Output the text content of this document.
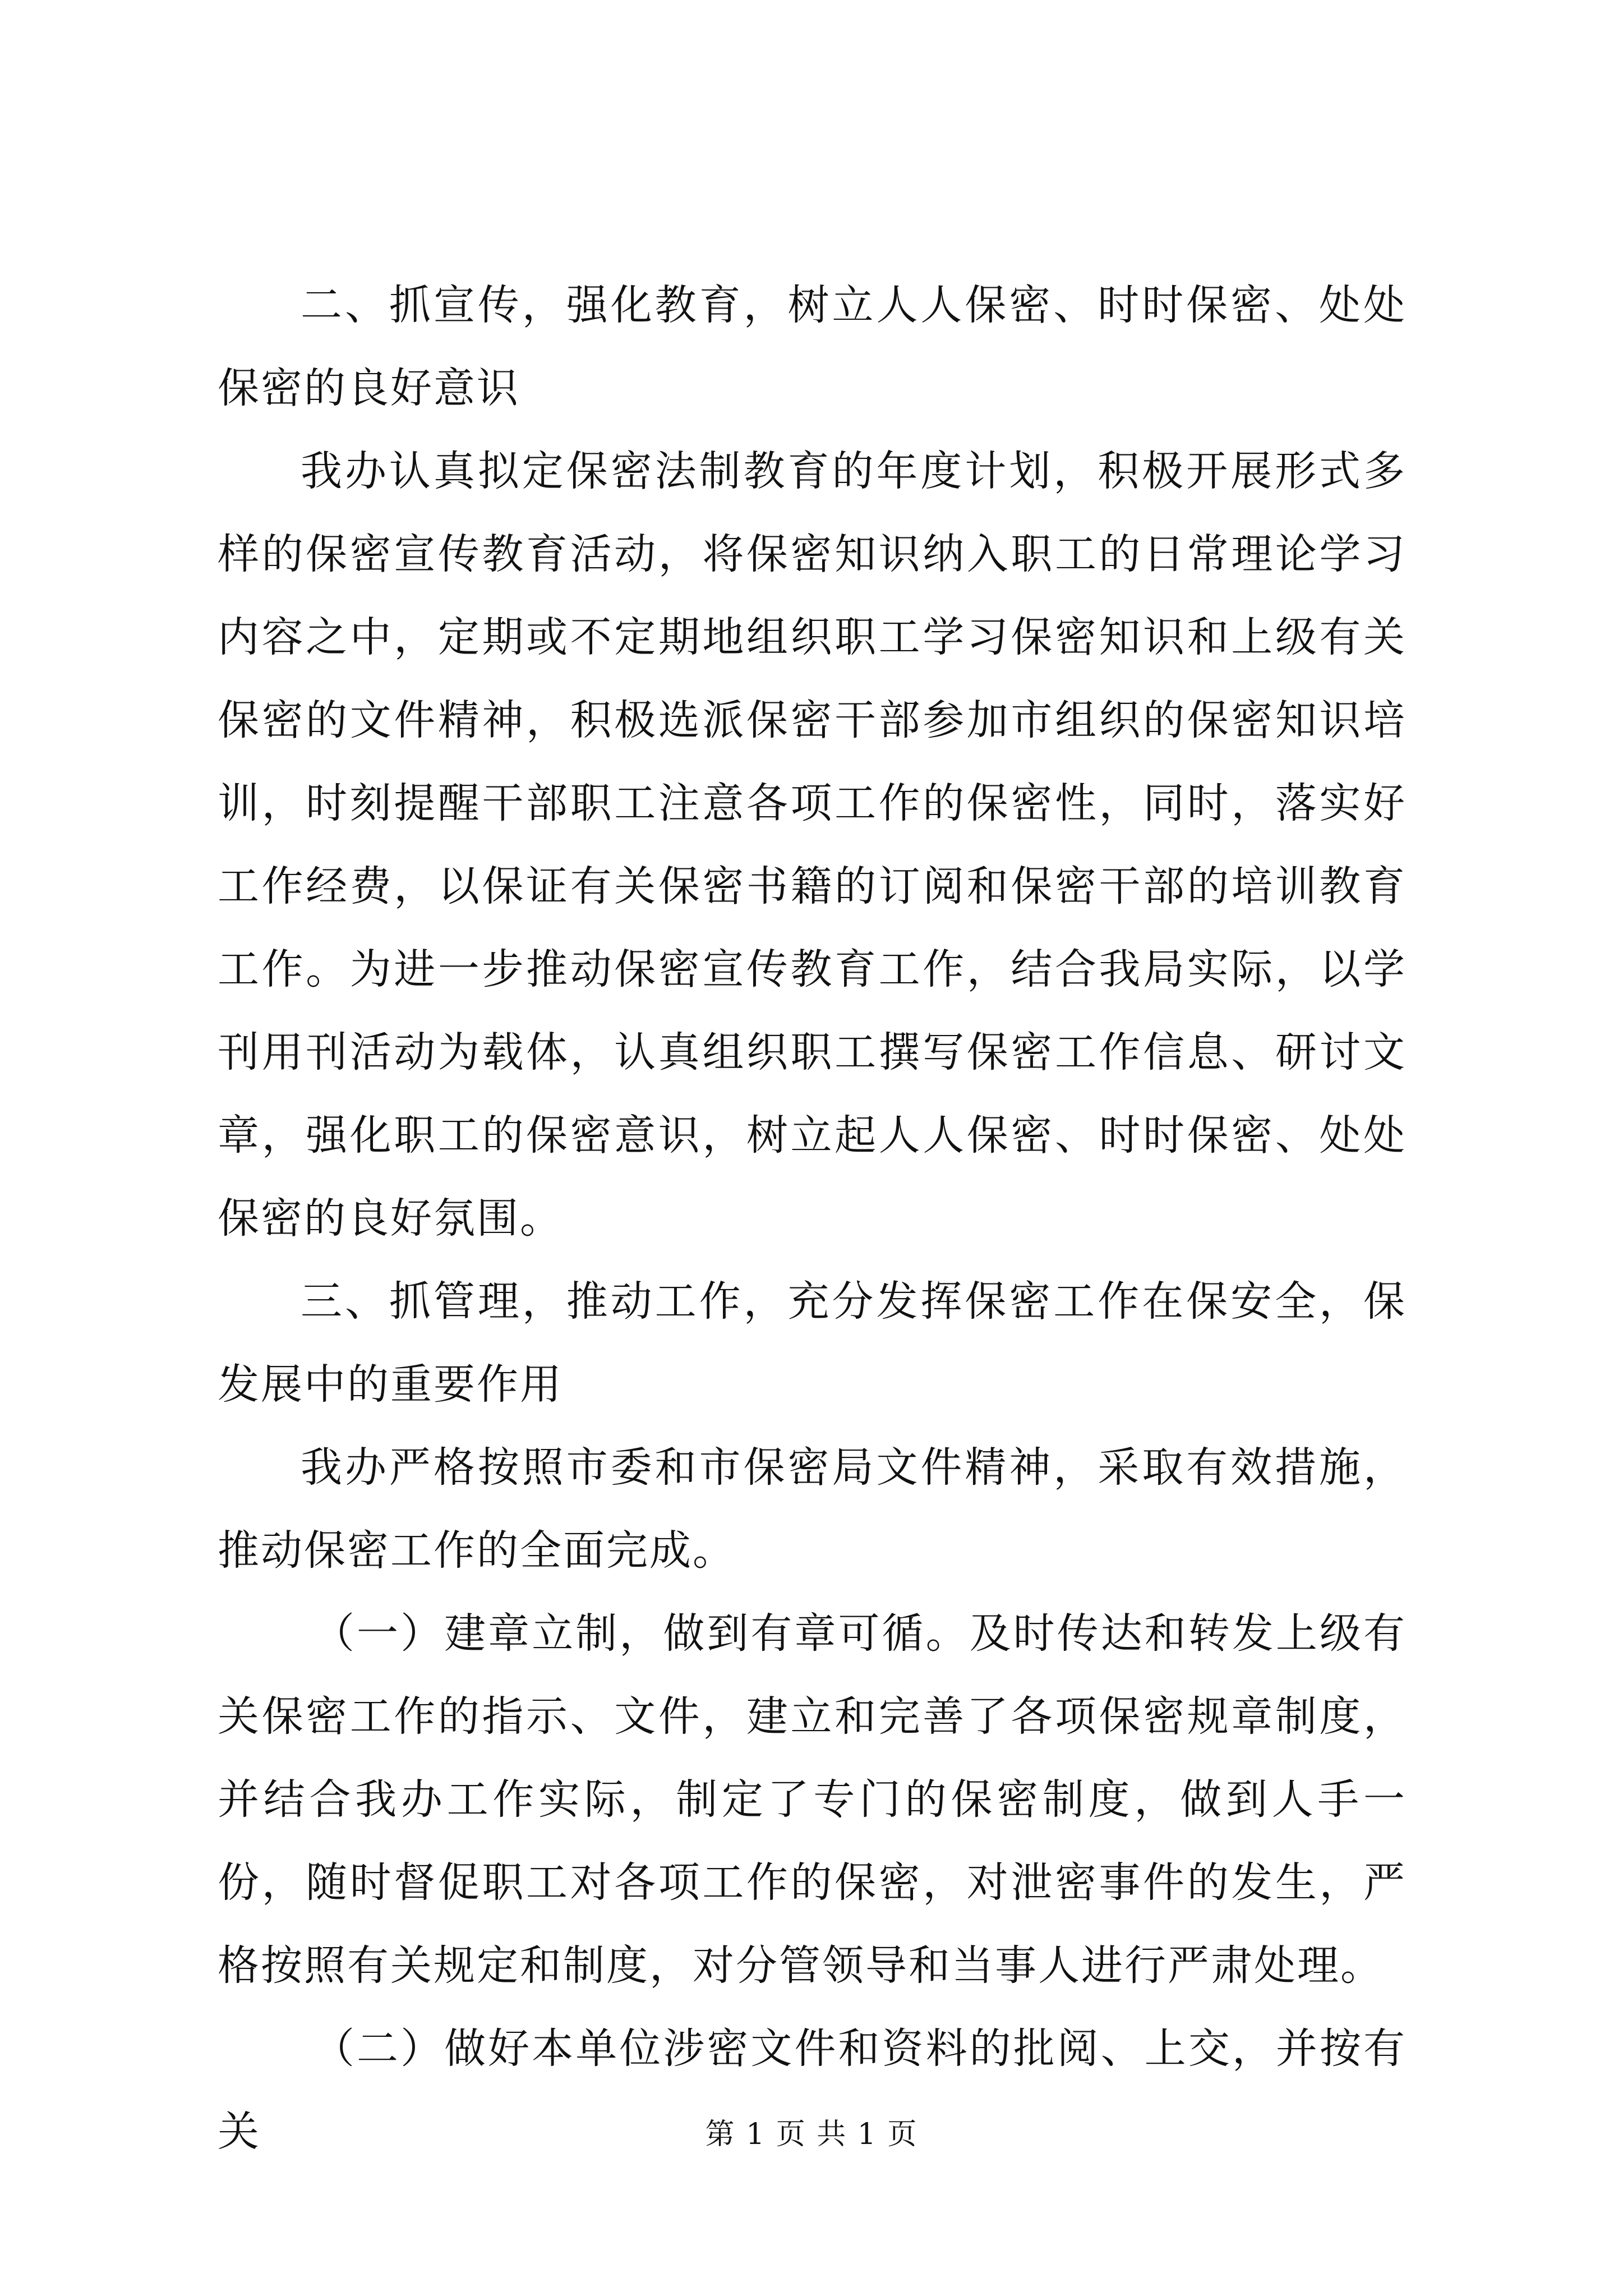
二、抓宣传，强化教育，树立人人保密、时时保密、处处保密的良好意识

我办认真拟定保密法制教育的年度计划，积极开展形式多样的保密宣传教育活动，将保密知识纳入职工的日常理论学习内容之中，定期或不定期地组织职工学习保密知识和上级有关保密的文件精神，积极选派保密干部参加市组织的保密知识培训，时刻提醒干部职工注意各项工作的保密性，同时，落实好工作经费，以保证有关保密书籍的订阅和保密干部的培训教育工作。为进一步推动保密宣传教育工作，结合我局实际，以学刊用刊活动为载体，认真组织职工撰写保密工作信息、研讨文章，强化职工的保密意识，树立起人人保密、时时保密、处处保密的良好氛围。

三、抓管理，推动工作，充分发挥保密工作在保安全，保发展中的重要作用

我办严格按照市委和市保密局文件精神，采取有效措施，推动保密工作的全面完成。

（一）建章立制，做到有章可循。及时传达和转发上级有关保密工作的指示、文件，建立和完善了各项保密规章制度，并结合我办工作实际，制定了专门的保密制度，做到人手一份，随时督促职工对各项工作的保密，对泄密事件的发生，严格按照有关规定和制度，对分管领导和当事人进行严肃处理。

（二）做好本单位涉密文件和资料的批阅、上交，并按有关	第 1 页 共 1 页
